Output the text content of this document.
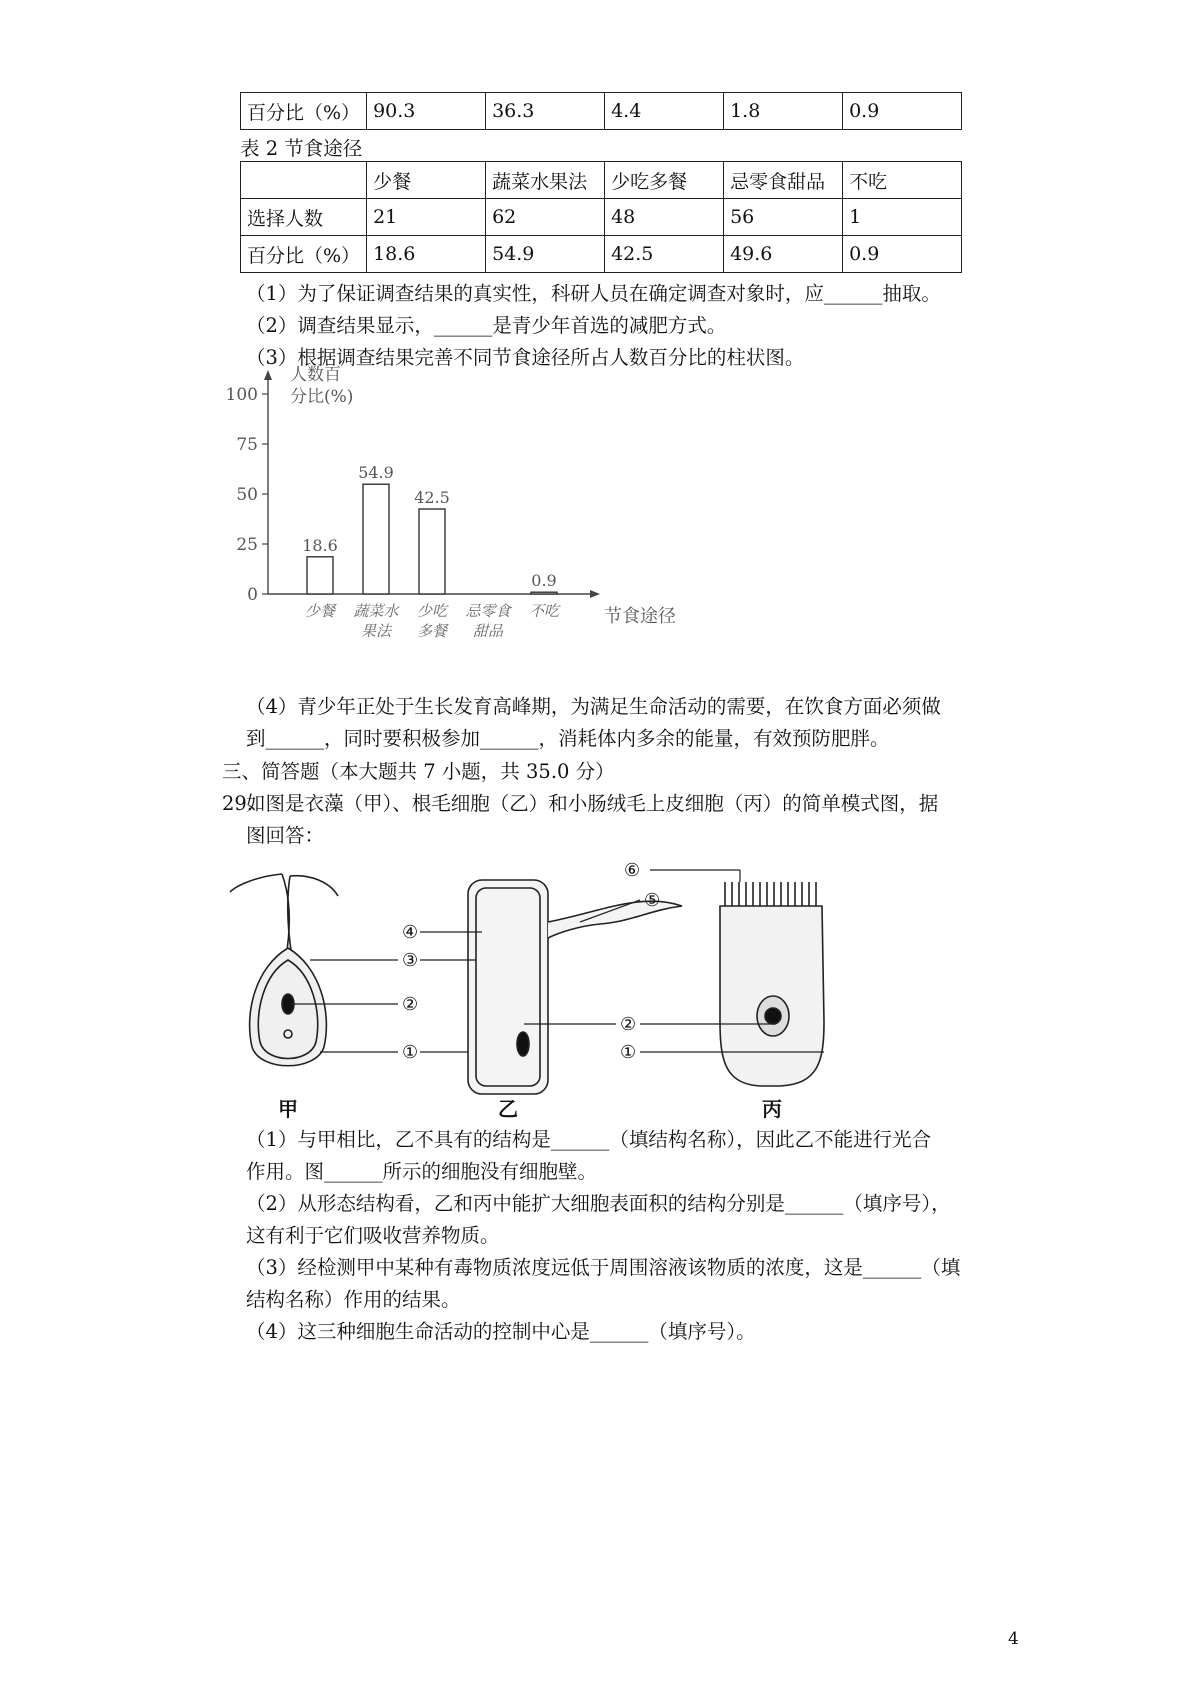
百分比（%）	90.3	36.3	4.4	1.8	0.9
表 2 节食途径
	少餐	蔬菜水果法	少吃多餐	忌零食甜品	不吃
选择人数	21	62	48	56	1
百分比（%）	18.6	54.9	42.5	49.6	0.9
（1）为了保证调查结果的真实性，科研人员在确定调查对象时，应______抽取。
（2）调查结果显示，______是青少年首选的减肥方式。
（3）根据调查结果完善不同节食途径所占人数百分比的柱状图。
0
25
50
75
100
人数百
分比(%)
节食途径
少餐
18.6
蔬菜水
果法
54.9
少吃
多餐
42.5
忌零食
甜品
不吃
0.9
（4）青少年正处于生长发育高峰期，为满足生命活动的需要，在饮食方面必须做
到______，同时要积极参加______，消耗体内多余的能量，有效预防肥胖。
三、简答题（本大题共 7 小题，共 35.0 分）
29.
如图是衣藻（甲）、根毛细胞（乙）和小肠绒毛上皮细胞（丙）的简单模式图，据
图回答：
⑥
⑤
④
③
②
①
②
①
甲	乙	丙
（1）与甲相比，乙不具有的结构是______（填结构名称），因此乙不能进行光合
作用。图______所示的细胞没有细胞壁。
（2）从形态结构看，乙和丙中能扩大细胞表面积的结构分别是______（填序号），
这有利于它们吸收营养物质。
（3）经检测甲中某种有毒物质浓度远低于周围溶液该物质的浓度，这是______（填
结构名称）作用的结果。
（4）这三种细胞生命活动的控制中心是______（填序号）。
4
